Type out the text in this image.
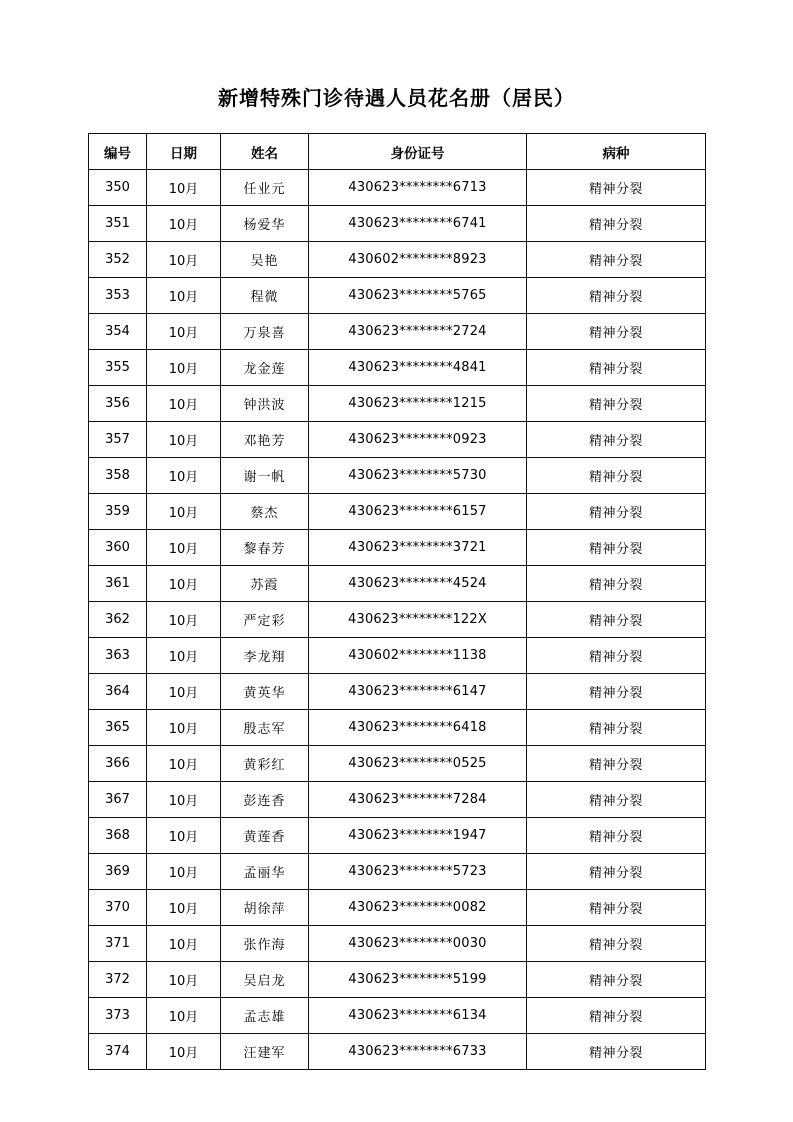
新增特殊门诊待遇人员花名册（居民）
编号	日期	姓名	身份证号	病种
350	10月	任业元	430623********6713	精神分裂
351	10月	杨爱华	430623********6741	精神分裂
352	10月	吴艳	430602********8923	精神分裂
353	10月	程微	430623********5765	精神分裂
354	10月	万泉喜	430623********2724	精神分裂
355	10月	龙金莲	430623********4841	精神分裂
356	10月	钟洪波	430623********1215	精神分裂
357	10月	邓艳芳	430623********0923	精神分裂
358	10月	谢一帆	430623********5730	精神分裂
359	10月	蔡杰	430623********6157	精神分裂
360	10月	黎春芳	430623********3721	精神分裂
361	10月	苏霞	430623********4524	精神分裂
362	10月	严定彩	430623********122X	精神分裂
363	10月	李龙翔	430602********1138	精神分裂
364	10月	黄英华	430623********6147	精神分裂
365	10月	殷志军	430623********6418	精神分裂
366	10月	黄彩红	430623********0525	精神分裂
367	10月	彭连香	430623********7284	精神分裂
368	10月	黄莲香	430623********1947	精神分裂
369	10月	孟丽华	430623********5723	精神分裂
370	10月	胡徐萍	430623********0082	精神分裂
371	10月	张作海	430623********0030	精神分裂
372	10月	吴启龙	430623********5199	精神分裂
373	10月	孟志雄	430623********6134	精神分裂
374	10月	汪建军	430623********6733	精神分裂
